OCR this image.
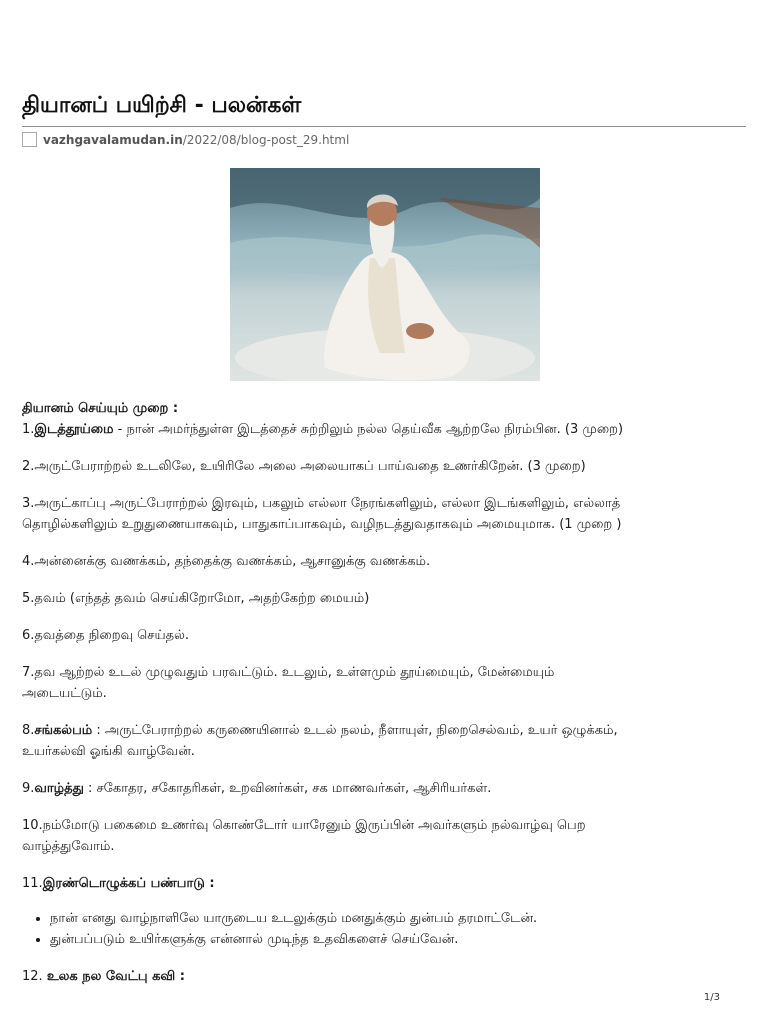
தியானப் பயிற்சி - பலன்கள்
vazhgavalamudan.in /2022/08/blog-post_29.html

தியானம் செய்யும் முறை :

1.இடத்தூய்மை - நான் அமர்ந்துள்ள இடத்தைச் சுற்றிலும் நல்ல தெய்வீக ஆற்றலே நிரம்பின. (3 முறை)

2.அருட்பேராற்றல் உடலிலே, உயிரிலே அலை அலையாகப் பாய்வதை உணர்கிறேன். (3 முறை)

3.அருட்காப்பு அருட்பேராற்றல் இரவும், பகலும் எல்லா நேரங்களிலும், எல்லா இடங்களிலும், எல்லாத்

தொழில்களிலும் உறுதுணையாகவும், பாதுகாப்பாகவும், வழிநடத்துவதாகவும் அமையுமாக. (1 முறை )

4.அன்னைக்கு வணக்கம், தந்தைக்கு வணக்கம், ஆசானுக்கு வணக்கம்.

5.தவம் (எந்தத் தவம் செய்கிறோமோ, அதற்கேற்ற மையம்)

6.தவத்தை நிறைவு செய்தல்.

7.தவ ஆற்றல் உடல் முழுவதும் பரவட்டும். உடலும், உள்ளமும் தூய்மையும், மேன்மையும்

அடையட்டும்.

8.சங்கல்பம் : அருட்பேராற்றல் கருணையினால் உடல் நலம், நீளாயுள், நிறைசெல்வம், உயர் ஒழுக்கம்,

உயர்கல்வி ஓங்கி வாழ்வேன்.

9.வாழ்த்து : சகோதர, சகோதரிகள், உறவினர்கள், சக மாணவர்கள், ஆசிரியர்கள்.

10.நம்மோடு பகைமை உணர்வு கொண்டோர் யாரேனும் இருப்பின் அவர்களும் நல்வாழ்வு பெற

வாழ்த்துவோம்.

11.இரண்டொழுக்கப் பண்பாடு :

• நான் எனது வாழ்நாளிலே யாருடைய உடலுக்கும் மனதுக்கும் துன்பம் தரமாட்டேன்.
• துன்பப்படும் உயிர்களுக்கு என்னால் முடிந்த உதவிகளைச் செய்வேன்.

12. உலக நல வேட்பு கவி :

1/3
